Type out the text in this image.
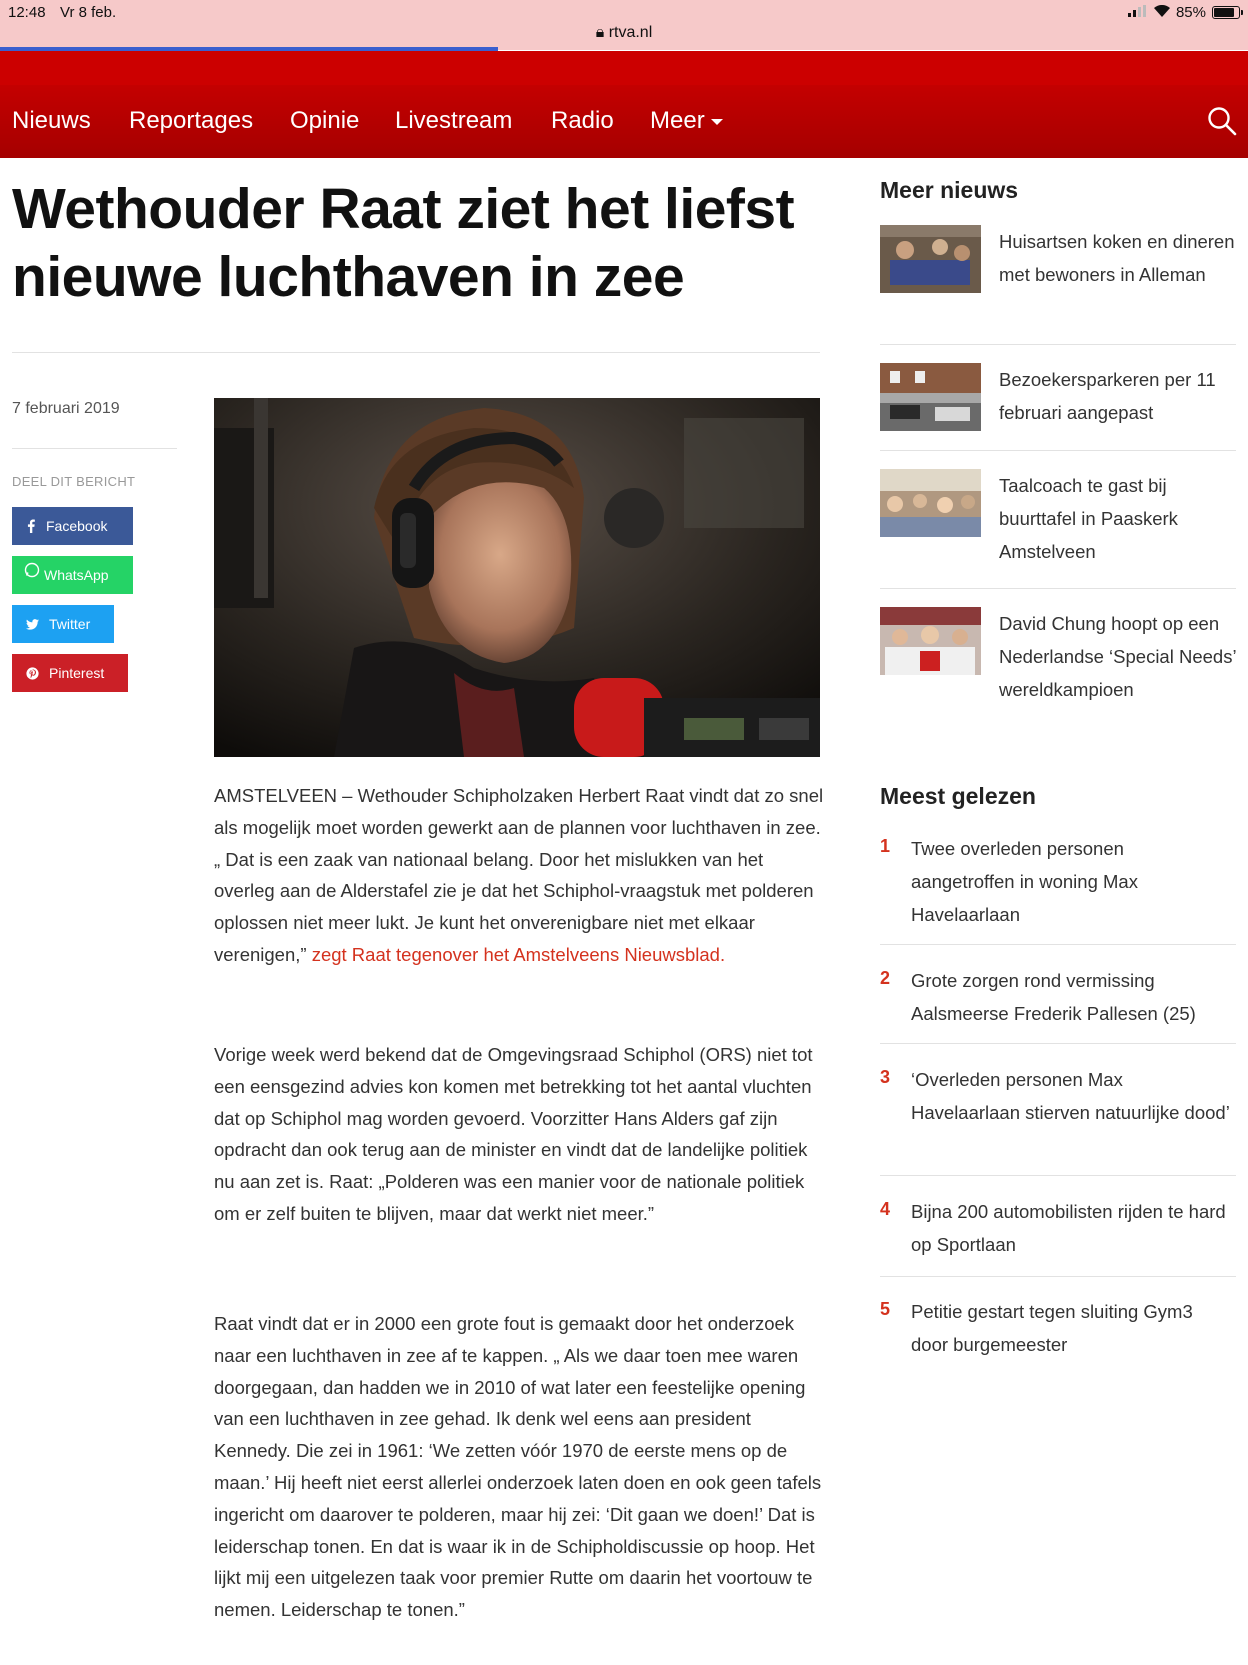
12:48 Vr 8 feb.
🔒︎ rtva.nl
85%
Nieuws Reportages Opinie Livestream Radio Meer
Wethouder Raat ziet het liefst nieuwe luchthaven in zee
7 februari 2019
DEEL DIT BERICHT
Facebook
WhatsApp
Twitter
Pinterest

AMSTELVEEN – Wethouder Schipholzaken Herbert Raat vindt dat zo snel als mogelijk moet worden gewerkt aan de plannen voor luchthaven in zee. „ Dat is een zaak van nationaal belang. Door het mislukken van het overleg aan de Alderstafel zie je dat het Schiphol-vraagstuk met polderen oplossen niet meer lukt. Je kunt het onverenigbare niet met elkaar verenigen,” zegt Raat tegenover het Amstelveens Nieuwsblad.

Vorige week werd bekend dat de Omgevingsraad Schiphol (ORS) niet tot een eensgezind advies kon komen met betrekking tot het aantal vluchten dat op Schiphol mag worden gevoerd. Voorzitter Hans Alders gaf zijn opdracht dan ook terug aan de minister en vindt dat de landelijke politiek nu aan zet is. Raat: „Polderen was een manier voor de nationale politiek om er zelf buiten te blijven, maar dat werkt niet meer.”

Raat vindt dat er in 2000 een grote fout is gemaakt door het onderzoek naar een luchthaven in zee af te kappen. „ Als we daar toen mee waren doorgegaan, dan hadden we in 2010 of wat later een feestelijke opening van een luchthaven in zee gehad. Ik denk wel eens aan president Kennedy. Die zei in 1961: ‘We zetten vóór 1970 de eerste mens op de maan.’ Hij heeft niet eerst allerlei onderzoek laten doen en ook geen tafels ingericht om daarover te polderen, maar hij zei: ‘Dit gaan we doen!’ Dat is leiderschap tonen. En dat is waar ik in de Schipholdiscussie op hoop. Het lijkt mij een uitgelezen taak voor premier Rutte om daarin het voortouw te nemen. Leiderschap te tonen.”

Meer nieuws
Huisartsen koken en dineren met bewoners in Alleman
Bezoekersparkeren per 11 februari aangepast
Taalcoach te gast bij buurttafel in Paaskerk Amstelveen
David Chung hoopt op een Nederlandse ‘Special Needs’ wereldkampioen
Meest gelezen
1 Twee overleden personen aangetroffen in woning Max Havelaarlaan
2 Grote zorgen rond vermissing Aalsmeerse Frederik Pallesen (25)
3 ‘Overleden personen Max Havelaarlaan stierven natuurlijke dood’
4 Bijna 200 automobilisten rijden te hard op Sportlaan
5 Petitie gestart tegen sluiting Gym3 door burgemeester
